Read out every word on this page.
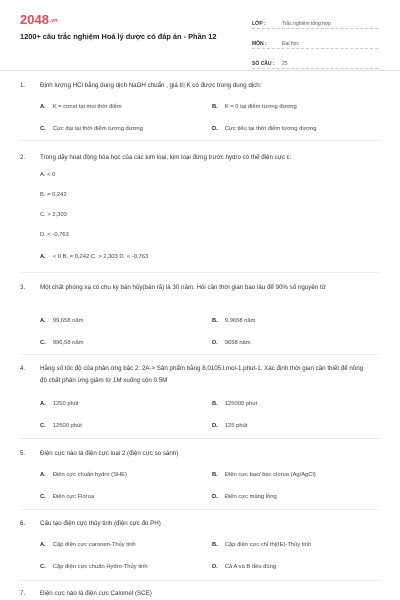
2048.vn
1200+ câu trắc nghiệm Hoá lý dược có đáp án - Phần 12
LỚP :	Trắc nghiệm tổng hợp
MÔN :	Đại học
SỐ CÂU :	25
1.	Định lượng HCl bằng dung dịch NaOH chuẩn , giá trị K có được trong dung dịch:
A. K = const tại mọi thời điểm	B. K = 0 tại điểm tương đương
C. Cực đại tại thời điểm tương đương	D. Cực tiểu tại thời điểm tương đương
2.	Trong dãy hoạt động hóa học của các kim loại, kim loại đứng trước hydro có thế điện cực ε:
A. < 0
B. = 0,242
C. > 2,303
D. < -0,763
A. < 0 B. = 0,242 C. > 2,303 D. < -0,763
3.	Một chất phóng xạ có chu kỳ bán hủy(bán rã) là 30 năm. Hỏi cần thời gian bao lâu để 90% số nguyên tử
A. 99,658 năm	B. 9,9658 năm
C. 996,58 năm	D. 9658 năm
4.	Hằng số tốc độ của phản ứng bậc 2: 2A-> Sản phẩm bằng 8,0105.l.mol-1.phut-1. Xác định thời gian cần thiết để nồng độ chất phản ứng giảm từ 1M xuống còn 0.5M
A. 1250 phút	B. 125000 phút
C. 12500 phút	D. 125 phút
5.	Điện cực nào là điện cực loại 2 (điện cực so sánh)
A. Điện cực chuẩn hydro (SHE)	B. Điện cực bạc/ bạc clorua (Ag/AgCl)
C. Điện cực Florua	D. Điện cực màng lỏng
6.	Cấu tạo điện cực thủy tinh (điện cực đo PH)
A. Cặp điện cực caronen-Thủy tinh	B. Cặp điện cực chỉ thị(IE)-Thủy tinh
C. Cặp điện cực chuẩn Hydro-Thủy tinh	D. Cả A và B đều đúng
7.	Điện cực nào là điện cực Calomel (SCE)
